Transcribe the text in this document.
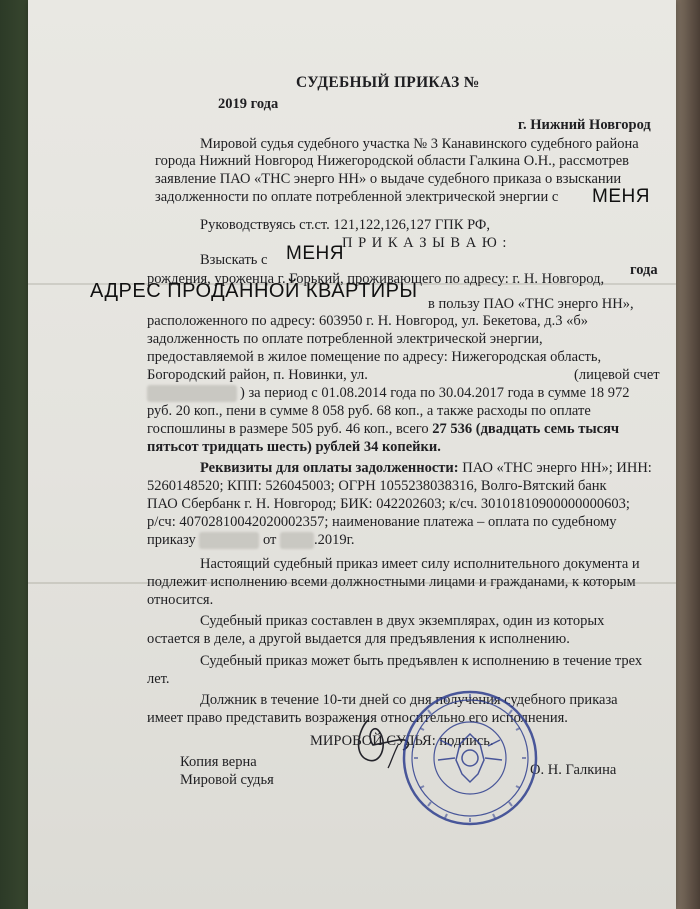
СУДЕБНЫЙ ПРИКАЗ №
2019 года
г. Нижний Новгород
Мировой судья судебного участка № 3 Канавинского судебного района
города Нижний Новгород Нижегородской области Галкина О.Н., рассмотрев
заявление ПАО «ТНС энерго НН» о выдаче судебного приказа о взыскании
задолженности по оплате потребленной электрической энергии с МЕНЯ
Руководствуясь ст.ст. 121,122,126,127 ГПК РФ,
П Р И К А З Ы В А Ю :
Взыскать с МЕНЯ
года
рождения, уроженца г. Горький, проживающего по адресу: г. Н. Новгород,
АДРЕС ПРОДАННОЙ КВАРТИРЫ
в пользу ПАО «ТНС энерго НН»,
расположенного по адресу: 603950 г. Н. Новгород, ул. Бекетова, д.3 «б»
задолженность по оплате потребленной электрической энергии,
предоставляемой в жилое помещение по адресу: Нижегородская область,
Богородский район, п. Новинки, ул.	(лицевой счет
) за период с 01.08.2014 года по 30.04.2017 года в сумме 18 972
руб. 20 коп., пени в сумме 8 058 руб. 68 коп., а также расходы по оплате
госпошлины в размере 505 руб. 46 коп., всего 27 536 (двадцать семь тысяч
пятьсот тридцать шесть) рублей 34 копейки.
Реквизиты для оплаты задолженности: ПАО «ТНС энерго НН»; ИНН:
5260148520; КПП: 526045003; ОГРН 1055238038316, Волго-Вятский банк
ПАО Сбербанк г. Н. Новгород; БИК: 042202603; к/сч. 30101810900000000603;
р/сч: 40702810042020002357; наименование платежа – оплата по судебному
приказу	от	.2019г.
Настоящий судебный приказ имеет силу исполнительного документа и
подлежит исполнению всеми должностными лицами и гражданами, к которым
относится.
Судебный приказ составлен в двух экземплярах, один из которых
остается в деле, а другой выдается для предъявления к исполнению.
Судебный приказ может быть предъявлен к исполнению в течение трех
лет.
Должник в течение 10-ти дней со дня получения судебного приказа
имеет право представить возражения относительно его исполнения.
МИРОВОЙ СУДЬЯ: подпись.
Копия верна
Мировой судья
О. Н. Галкина
